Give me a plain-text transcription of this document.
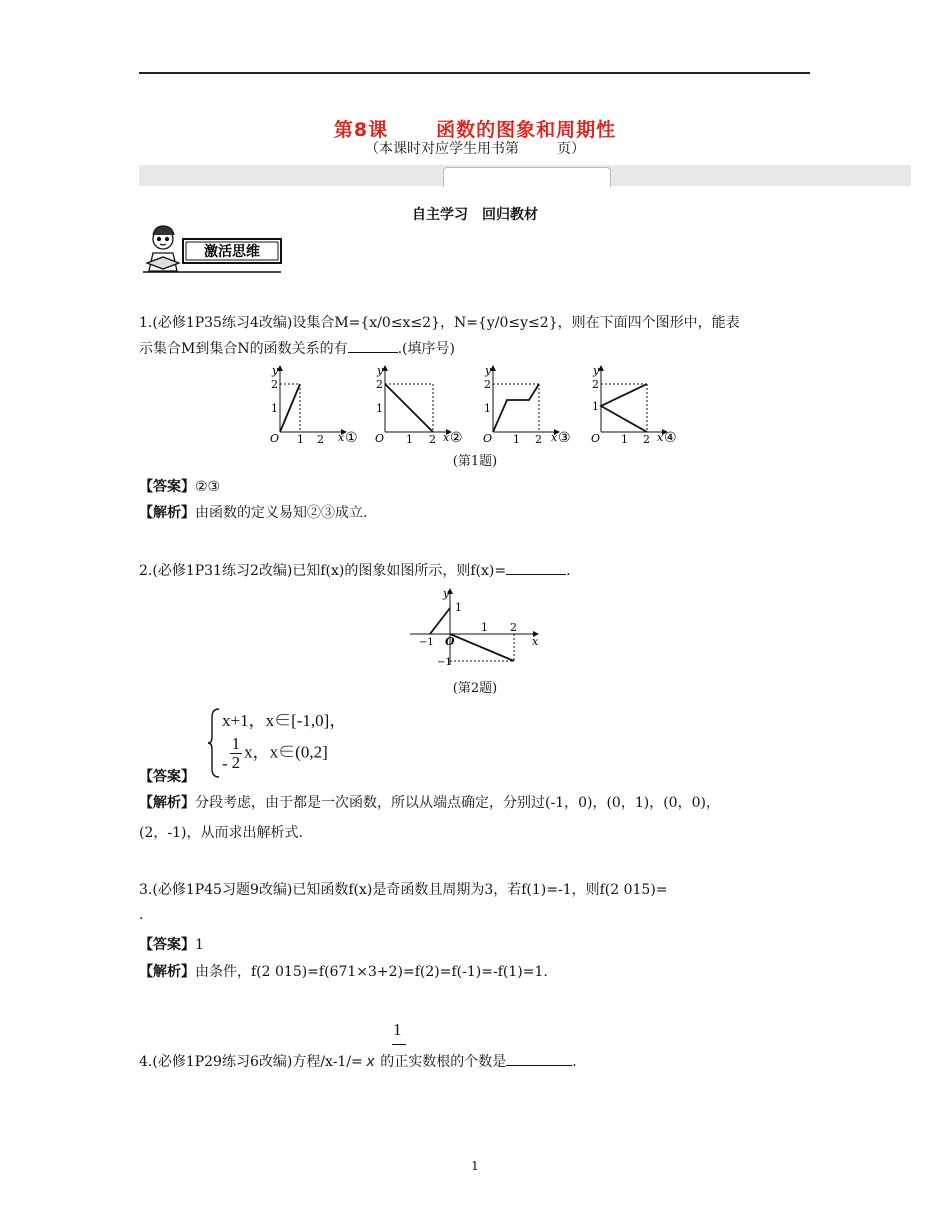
第8课	函数的图象和周期性
（本课时对应学生用书第	页）
自主学习 回归教材
激活思维
1.(必修1P35练习4改编)设集合M={x/0≤x≤2}，N={y/0≤y≤2}，则在下面四个图形中，能表
示集合M到集合N的函数关系的有	.(填序号)
O
y
2
1
1 2 x ① O
y
2
1
1 2 x ② O
y
2
1
1 2 x ③ O
y
2
1
1 2 x ④
(第1题)
【答案】②③
【解析】由函数的定义易知②③成立.
2.(必修1P31练习2改编)已知f(x)的图象如图所示，则f(x)=	.
y
1
−1 O
1 2
x
−1
(第2题)
x+1，x∈[-1,0]，
- $\frac{1}{2}$ x，x∈(0,2]
【答案】
【解析】分段考虑，由于都是一次函数，所以从端点确定，分别过(-1，0)，(0，1)，(0，0)，
(2，-1)，从而求出解析式.
3.(必修1P45习题9改编)已知函数f(x)是奇函数且周期为3，若f(1)=-1，则f(2 015)=
.
【答案】1
【解析】由条件，f(2 015)=f(671×3+2)=f(2)=f(-1)=-f(1)=1.
1
4.(必修1P29练习6改编)方程/x-1/= x 的正实数根的个数是	.
1
